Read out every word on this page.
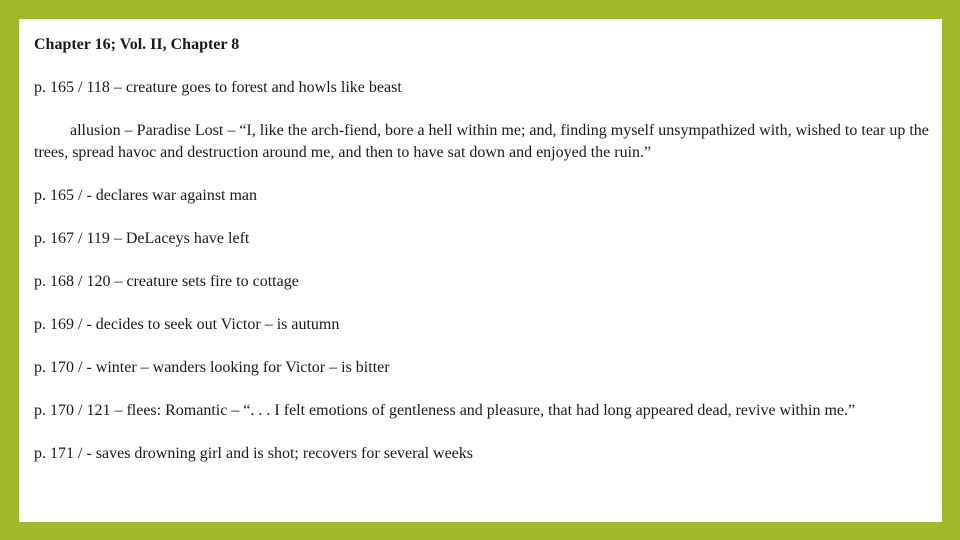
Chapter 16; Vol. II, Chapter 8
p. 165 / 118 – creature goes to forest and howls like beast
allusion – Paradise Lost – “I, like the arch-fiend, bore a hell within me; and, finding myself unsympathized with, wished to tear up the trees, spread havoc and destruction around me, and then to have sat down and enjoyed the ruin.”
p. 165 / - declares war against man
p. 167 / 119 – DeLaceys have left
p. 168 / 120 – creature sets fire to cottage
p. 169 / - decides to seek out Victor – is autumn
p. 170 / - winter – wanders looking for Victor – is bitter
p. 170 / 121 – flees: Romantic – “. . . I felt emotions of gentleness and pleasure, that had long appeared dead, revive within me.”
p. 171 / - saves drowning girl and is shot; recovers for several weeks
